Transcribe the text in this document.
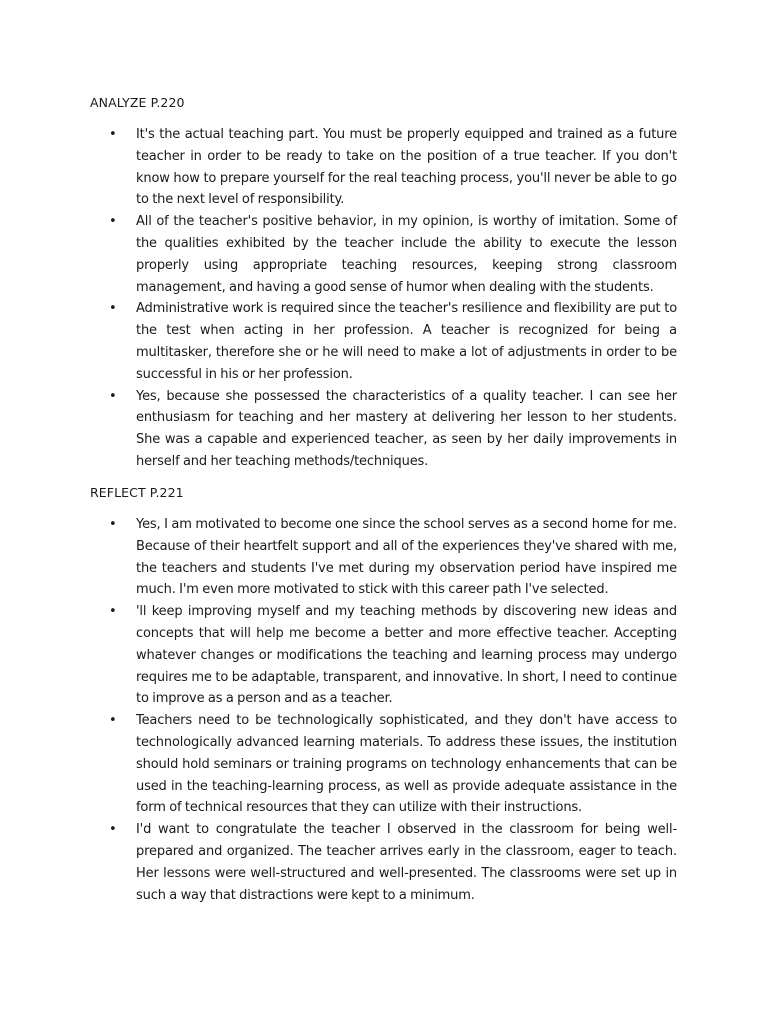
ANALYZE P.220
•	It's the actual teaching part. You must be properly equipped and trained as a future teacher in order to be ready to take on the position of a true teacher. If you don't know how to prepare yourself for the real teaching process, you'll never be able to go to the next level of responsibility.
•	All of the teacher's positive behavior, in my opinion, is worthy of imitation. Some of the qualities exhibited by the teacher include the ability to execute the lesson properly using appropriate teaching resources, keeping strong classroom management, and having a good sense of humor when dealing with the students.
•	Administrative work is required since the teacher's resilience and flexibility are put to the test when acting in her profession. A teacher is recognized for being a multitasker, therefore she or he will need to make a lot of adjustments in order to be successful in his or her profession.
•	Yes, because she possessed the characteristics of a quality teacher. I can see her enthusiasm for teaching and her mastery at delivering her lesson to her students. She was a capable and experienced teacher, as seen by her daily improvements in herself and her teaching methods/techniques.
REFLECT P.221
•	Yes, I am motivated to become one since the school serves as a second home for me. Because of their heartfelt support and all of the experiences they've shared with me, the teachers and students I've met during my observation period have inspired me much. I'm even more motivated to stick with this career path I've selected.
•	'll keep improving myself and my teaching methods by discovering new ideas and concepts that will help me become a better and more effective teacher. Accepting whatever changes or modifications the teaching and learning process may undergo requires me to be adaptable, transparent, and innovative. In short, I need to continue to improve as a person and as a teacher.
•	Teachers need to be technologically sophisticated, and they don't have access to technologically advanced learning materials. To address these issues, the institution should hold seminars or training programs on technology enhancements that can be used in the teaching-learning process, as well as provide adequate assistance in the form of technical resources that they can utilize with their instructions.
•	I'd want to congratulate the teacher I observed in the classroom for being well-prepared and organized. The teacher arrives early in the classroom, eager to teach. Her lessons were well-structured and well-presented. The classrooms were set up in such a way that distractions were kept to a minimum.
